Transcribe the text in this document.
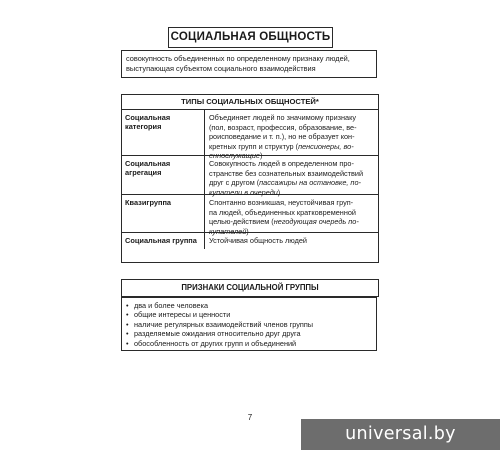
СОЦИАЛЬНАЯ ОБЩНОСТЬ
совокупность объединенных по определенному признаку людей, выступающая субъектом социального взаимодействия
ТИПЫ СОЦИАЛЬНЫХ ОБЩНОСТЕЙ*
Социальная
категория
Объединяет людей по значимому признаку
(пол, возраст, профессия, образование, ве-
роисповедание и т. п.), но не образует кон-
кретных групп и структур (пенсионеры, во-
еннослужащие)
Социальная
агрегация
Совокупность людей в определенном про-
странстве без сознательных взаимодействий
друг с другом (пассажиры на остановке, по-
купатели в очереди)
Квазигруппа	Спонтанно возникшая, неустойчивая груп-
па людей, объединенных кратковременной
целью-действием (негодующая очередь по-
купателей)
Социальная группа	Устойчивая общность людей
ПРИЗНАКИ СОЦИАЛЬНОЙ ГРУППЫ
• два и более человека
• общие интересы и ценности
• наличие регулярных взаимодействий членов группы
• разделяемые ожидания относительно друг друга
• обособленность от других групп и объединений
7
universal.by
